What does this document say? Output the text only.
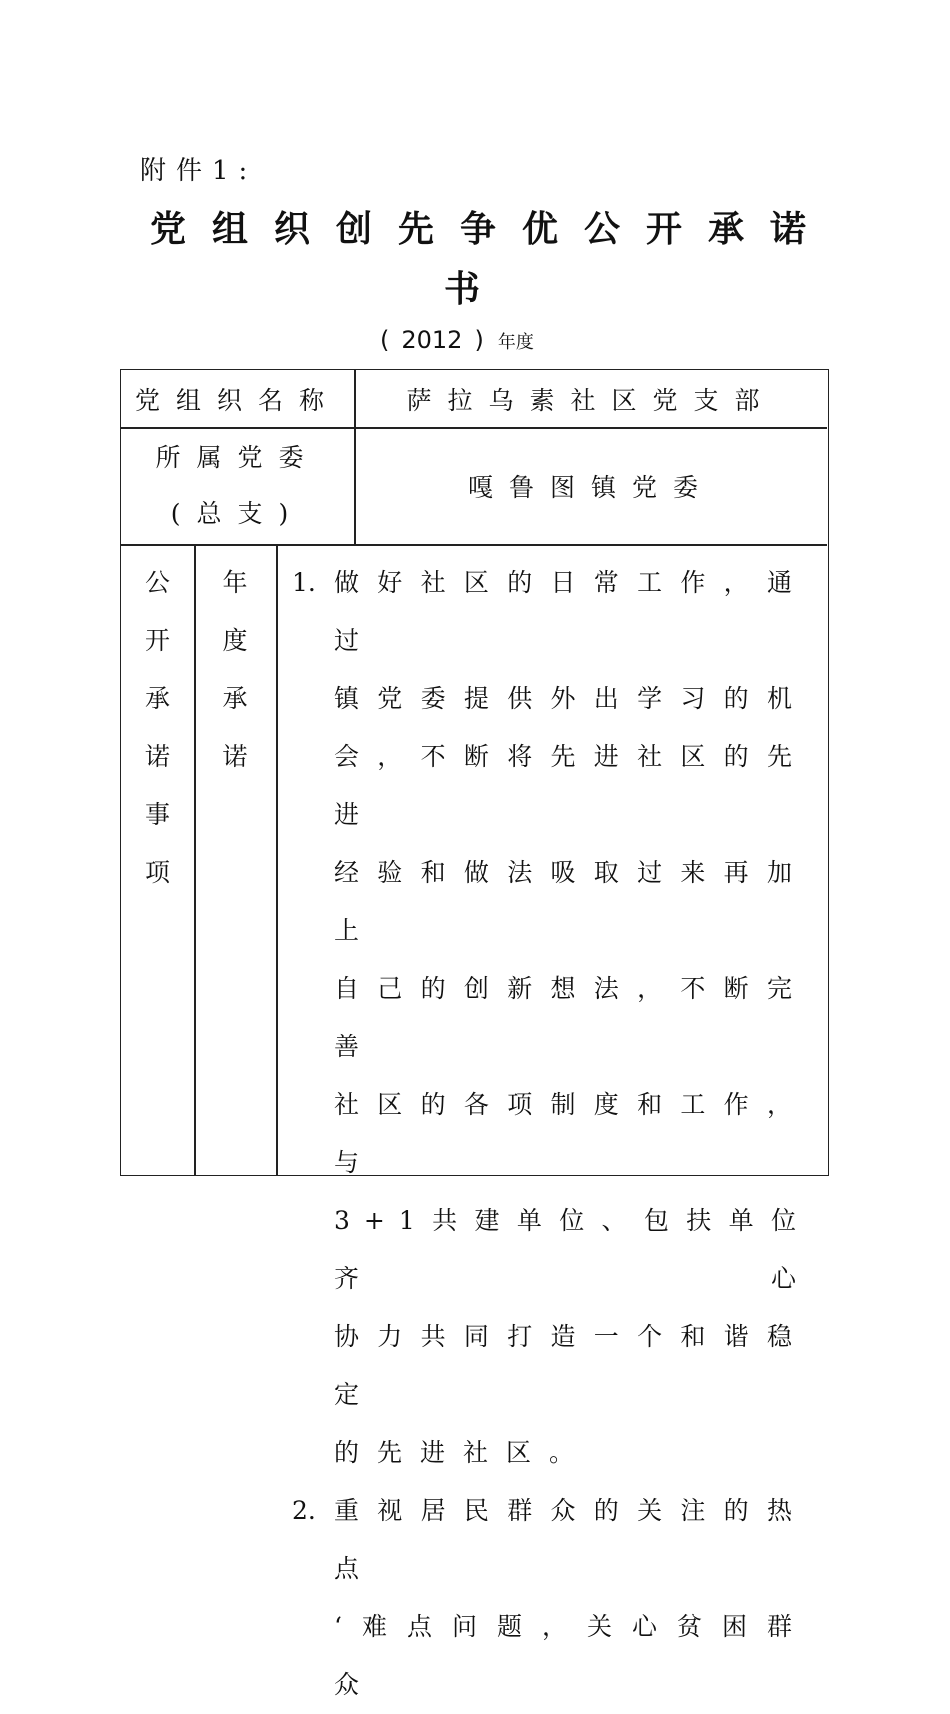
附件1:
党组织创先争优公开承诺
书
( 2012 ) 年度
党组织名称	萨拉乌素社区党支部
所属党委
(总支)
嘎鲁图镇党委
公
开
承
诺
事
项
年
度
承
诺
1. 做好社区的日常工作，通过
镇党委提供外出学习的机
会，不断将先进社区的先进
经验和做法吸取过来再加上
自己的创新想法，不断完善
社区的各项制度和工作，与
3+1共建单位、包扶单位齐心
协力共同打造一个和谐稳定
的先进社区。
2. 重视居民群众的关注的热点
‘难点问题，关心贫困群众
